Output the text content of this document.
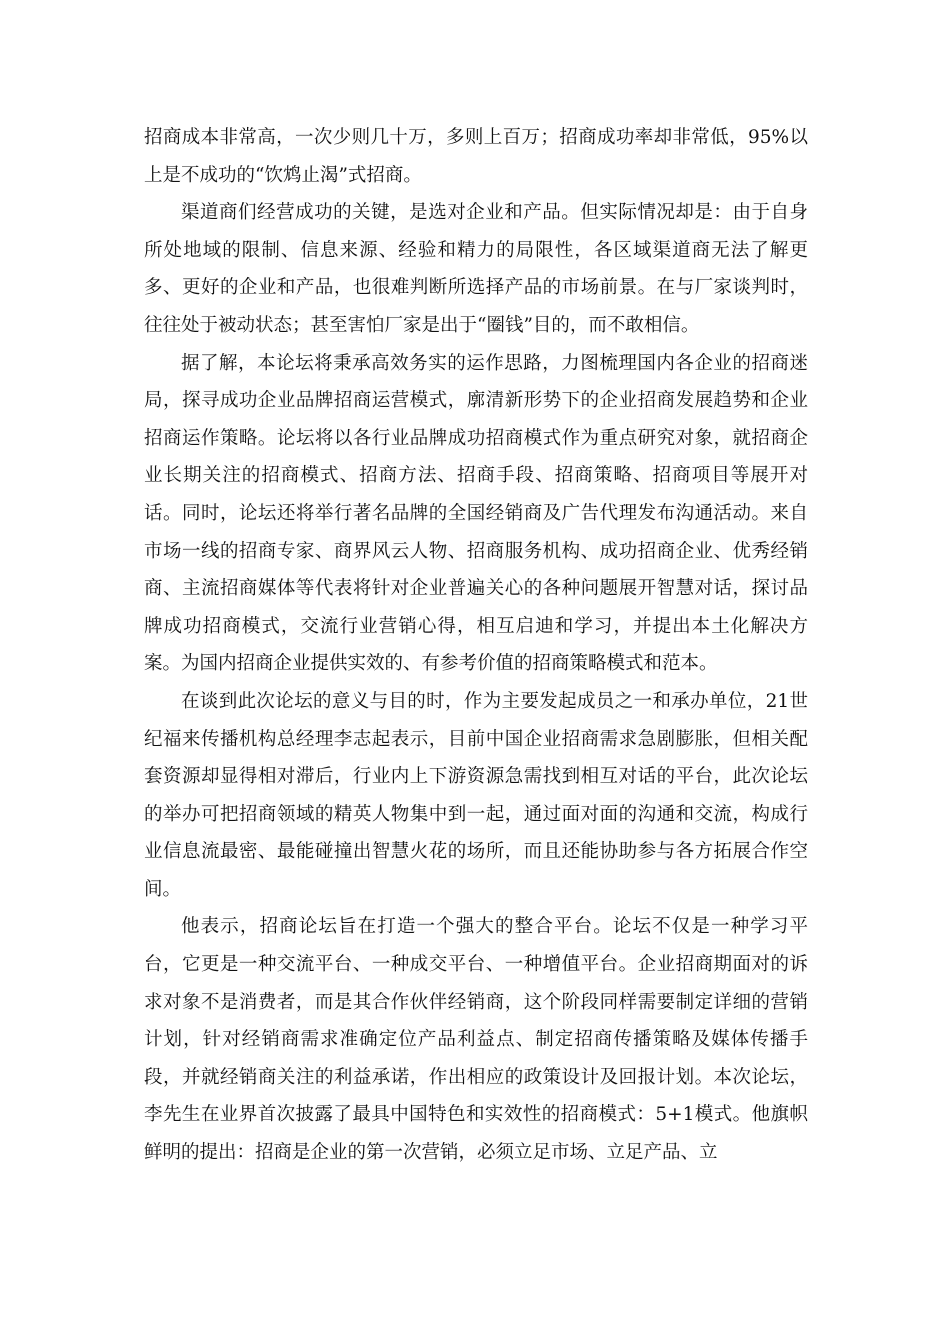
招商成本非常高，一次少则几十万，多则上百万；招商成功率却非常低，95%以上是不成功的“饮鸩止渴”式招商。

渠道商们经营成功的关键，是选对企业和产品。但实际情况却是：由于自身所处地域的限制、信息来源、经验和精力的局限性，各区域渠道商无法了解更多、更好的企业和产品，也很难判断所选择产品的市场前景。在与厂家谈判时，往往处于被动状态；甚至害怕厂家是出于“圈钱”目的，而不敢相信。

据了解，本论坛将秉承高效务实的运作思路，力图梳理国内各企业的招商迷局，探寻成功企业品牌招商运营模式，廓清新形势下的企业招商发展趋势和企业招商运作策略。论坛将以各行业品牌成功招商模式作为重点研究对象，就招商企业长期关注的招商模式、招商方法、招商手段、招商策略、招商项目等展开对话。同时，论坛还将举行著名品牌的全国经销商及广告代理发布沟通活动。来自市场一线的招商专家、商界风云人物、招商服务机构、成功招商企业、优秀经销商、主流招商媒体等代表将针对企业普遍关心的各种问题展开智慧对话，探讨品牌成功招商模式，交流行业营销心得，相互启迪和学习，并提出本土化解决方案。为国内招商企业提供实效的、有参考价值的招商策略模式和范本。

在谈到此次论坛的意义与目的时，作为主要发起成员之一和承办单位，21世纪福来传播机构总经理李志起表示，目前中国企业招商需求急剧膨胀，但相关配套资源却显得相对滞后，行业内上下游资源急需找到相互对话的平台，此次论坛的举办可把招商领域的精英人物集中到一起，通过面对面的沟通和交流，构成行业信息流最密、最能碰撞出智慧火花的场所，而且还能协助参与各方拓展合作空间。

他表示，招商论坛旨在打造一个强大的整合平台。论坛不仅是一种学习平台，它更是一种交流平台、一种成交平台、一种增值平台。企业招商期面对的诉求对象不是消费者，而是其合作伙伴经销商，这个阶段同样需要制定详细的营销计划，针对经销商需求准确定位产品利益点、制定招商传播策略及媒体传播手段，并就经销商关注的利益承诺，作出相应的政策设计及回报计划。本次论坛，李先生在业界首次披露了最具中国特色和实效性的招商模式：5+1模式。他旗帜鲜明的提出：招商是企业的第一次营销，必须立足市场、立足产品、立
